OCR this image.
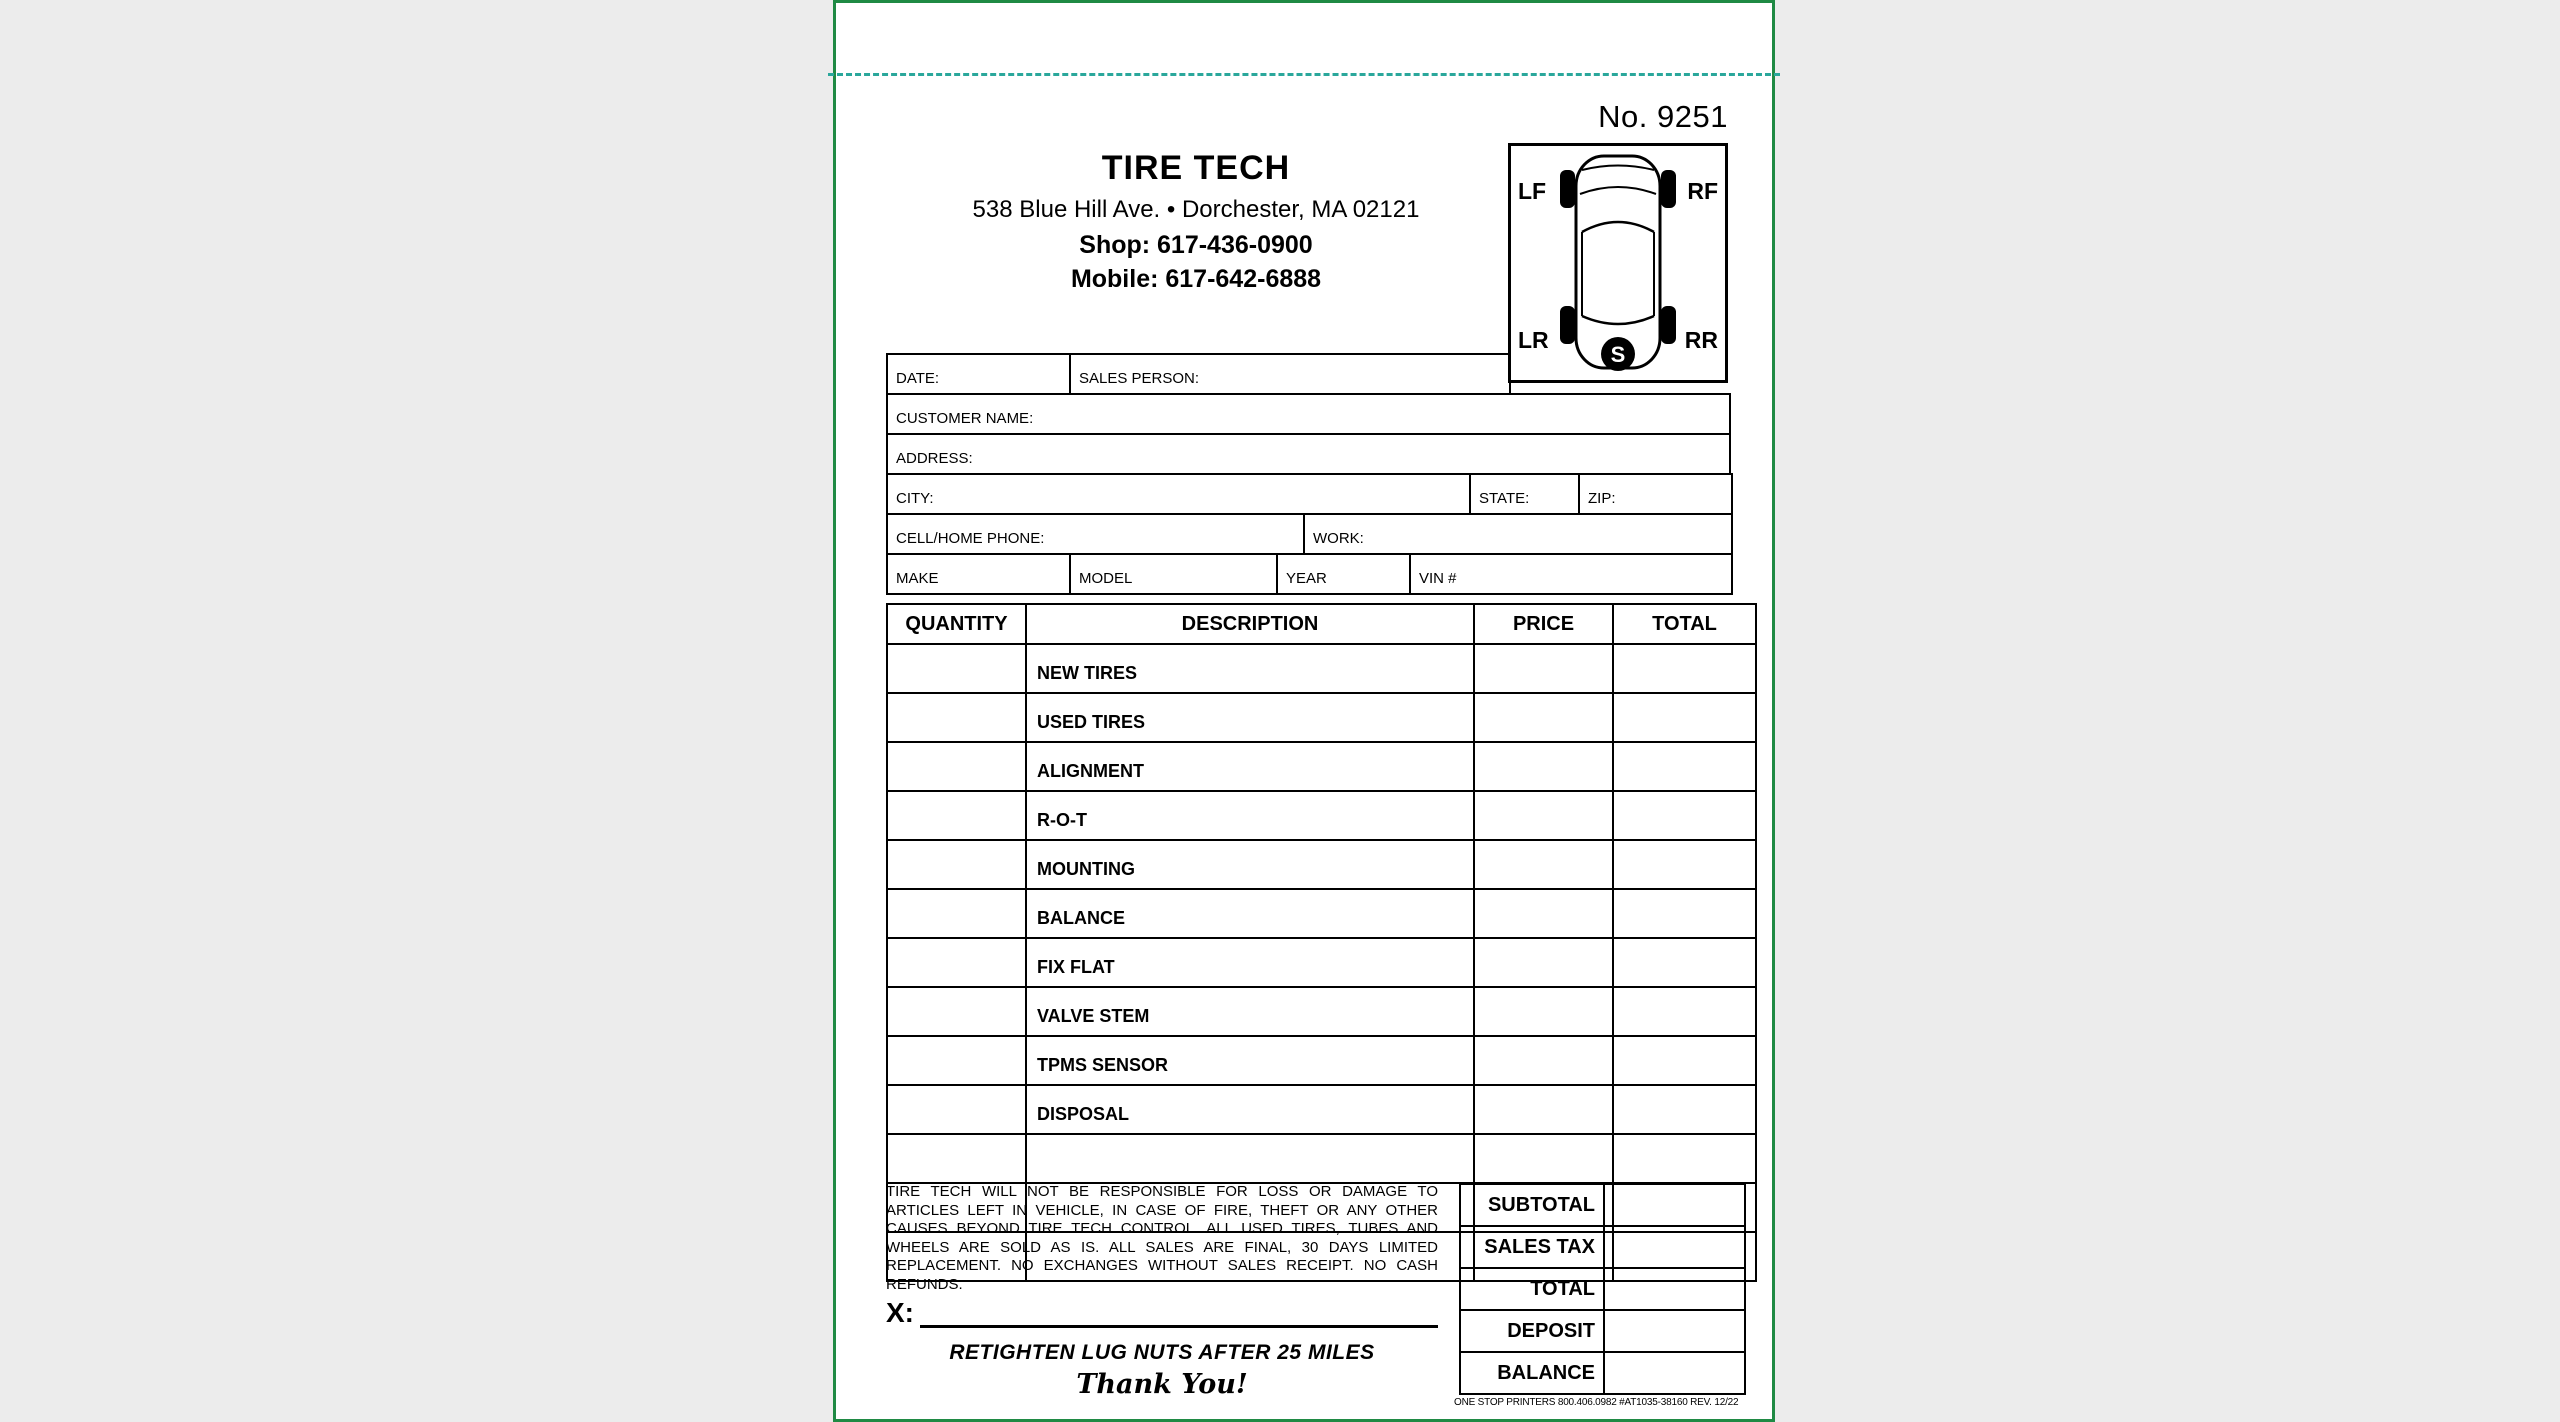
No. 9251
TIRE TECH
538 Blue Hill Ave. • Dorchester, MA 02121
Shop: 617-436-0900
Mobile: 617-642-6888
LF	RF
LR	RR
S
DATE:	SALES PERSON:
CUSTOMER NAME:
ADDRESS:
CITY:	STATE:	ZIP:
CELL/HOME PHONE:	WORK:
MAKE	MODEL	YEAR	VIN #
QUANTITY	DESCRIPTION	PRICE	TOTAL
	NEW TIRES		
	USED TIRES		
	ALIGNMENT		
	R-O-T		
	MOUNTING		
	BALANCE		
	FIX FLAT		
	VALVE STEM		
	TPMS SENSOR		
	DISPOSAL		

TIRE TECH WILL NOT BE RESPONSIBLE FOR LOSS OR DAMAGE TO ARTICLES LEFT IN VEHICLE, IN CASE OF FIRE, THEFT OR ANY OTHER CAUSES BEYOND TIRE TECH CONTROL. ALL USED TIRES, TUBES AND WHEELS ARE SOLD AS IS. ALL SALES ARE FINAL, 30 DAYS LIMITED REPLACEMENT. NO EXCHANGES WITHOUT SALES RECEIPT. NO CASH REFUNDS.
SUBTOTAL	
SALES TAX	
TOTAL	
DEPOSIT	
BALANCE	
X:
RETIGHTEN LUG NUTS AFTER 25 MILES
Thank You!
ONE STOP PRINTERS 800.406.0982 #AT1035-38160 REV. 12/22
